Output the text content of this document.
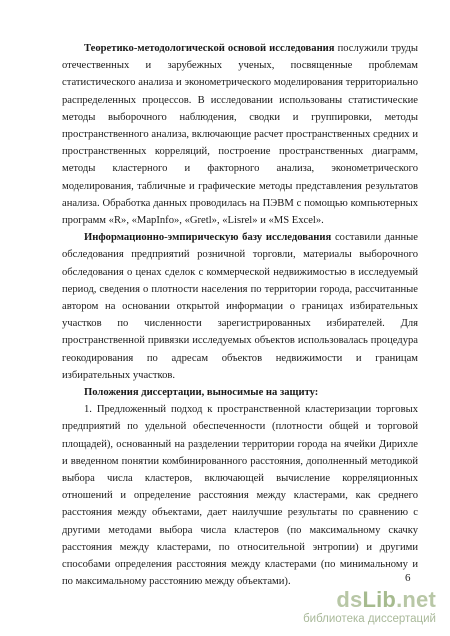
Теоретико-методологической основой исследования послужили труды отечественных и зарубежных ученых, посвященные проблемам статистического анализа и эконометрического моделирования территориально распределенных процессов. В исследовании использованы статистические методы выборочного наблюдения, сводки и группировки, методы пространственного анализа, включающие расчет пространственных средних и пространственных корреляций, построение пространственных диаграмм, методы кластерного и факторного анализа, эконометрического моделирования, табличные и графические методы представления результатов анализа. Обработка данных проводилась на ПЭВМ с помощью компьютерных программ «R», «MapInfo», «Gretl», «Lisrel» и «MS Excel».

Информационно-эмпирическую базу исследования составили данные обследования предприятий розничной торговли, материалы выборочного обследования о ценах сделок с коммерческой недвижимостью в исследуемый период, сведения о плотности населения по территории города, рассчитанные автором на основании открытой информации о границах избирательных участков по численности зарегистрированных избирателей. Для пространственной привязки исследуемых объектов использовалась процедура геокодирования по адресам объектов недвижимости и границам избирательных участков.

Положения диссертации, выносимые на защиту:

1. Предложенный подход к пространственной кластеризации торговых предприятий по удельной обеспеченности (плотности общей и торговой площадей), основанный на разделении территории города на ячейки Дирихле и введенном понятии комбинированного расстояния, дополненный методикой выбора числа кластеров, включающей вычисление корреляционных отношений и определение расстояния между кластерами, как среднего расстояния между объектами, дает наилучшие результаты по сравнению с другими методами выбора числа кластеров (по максимальному скачку расстояния между кластерами, по относительной энтропии) и другими способами определения расстояния между кластерами (по минимальному и по максимальному расстоянию между объектами).	6
dsLib.net
библиотека диссертаций
